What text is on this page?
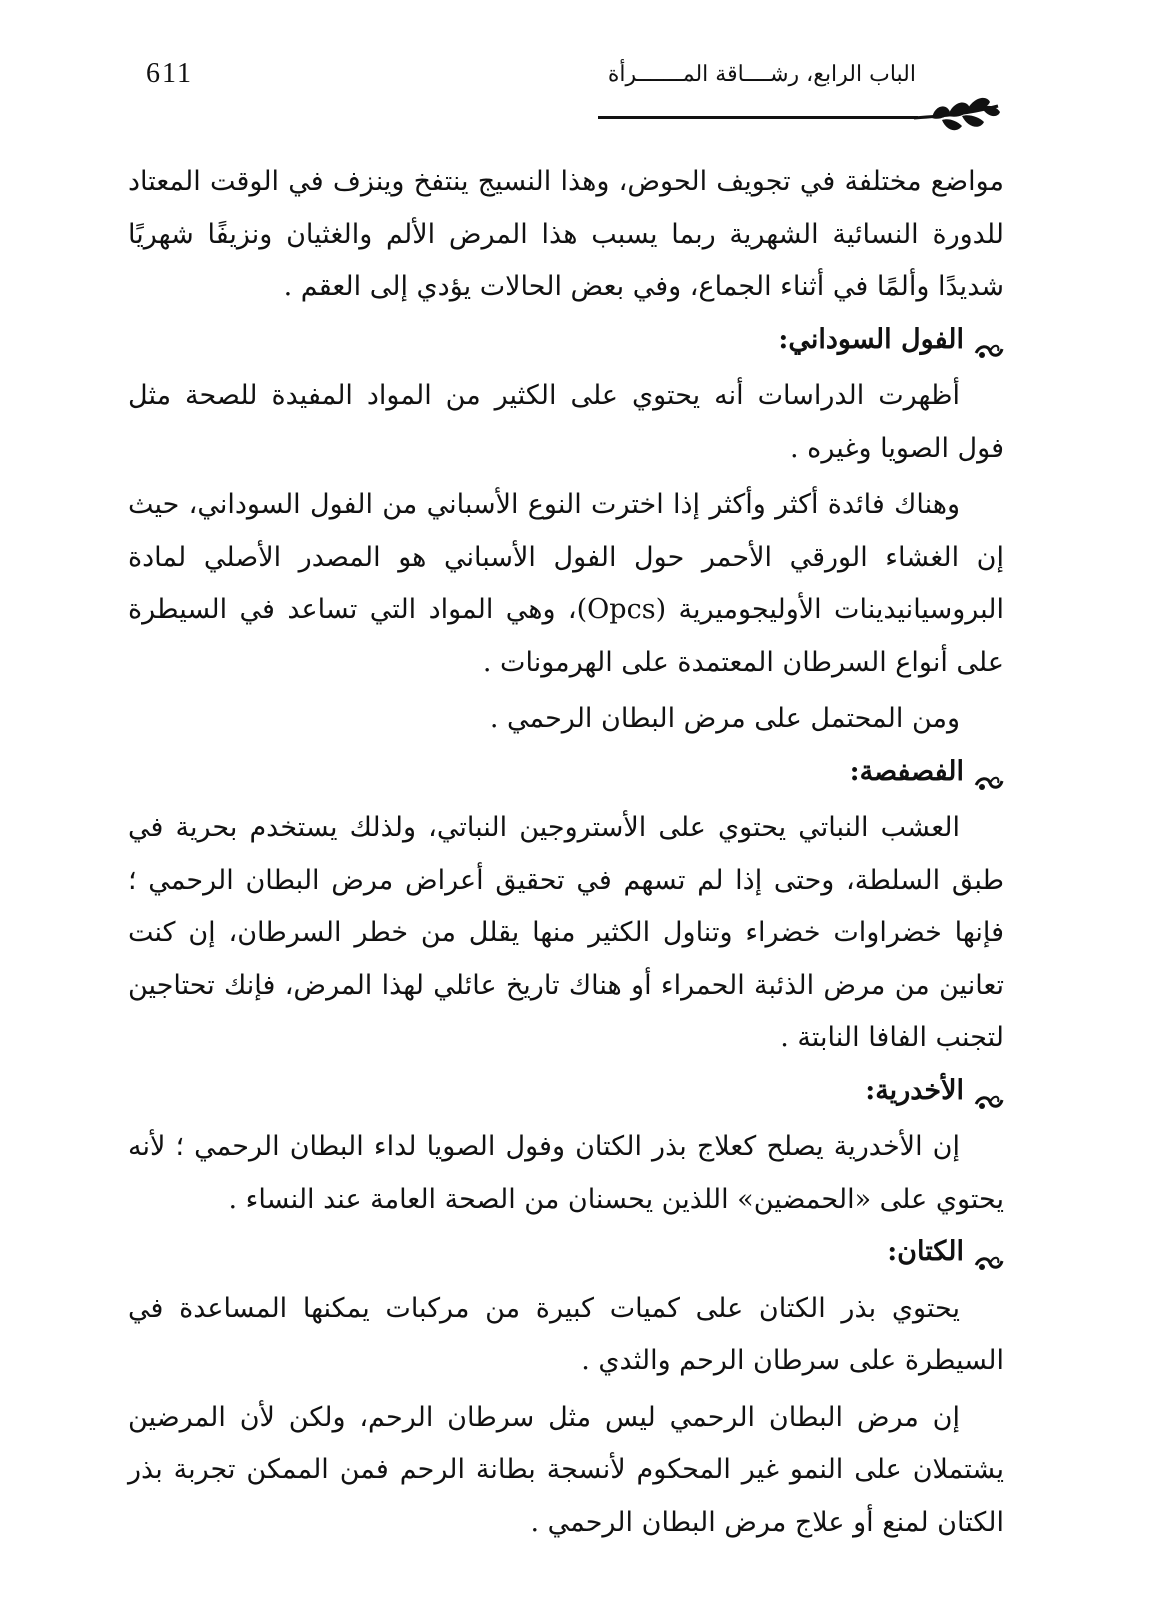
611	الباب الرابع، رشــــاقة المـــــــرأة

مواضع مختلفة في تجويف الحوض، وهذا النسيج ينتفخ وينزف في الوقت المعتاد للدورة النسائية الشهرية ربما يسبب هذا المرض الألم والغثيان ونزيفًا شهريًا شديدًا وألمًا في أثناء الجماع، وفي بعض الحالات يؤدي إلى العقم .

الفول السوداني:

أظهرت الدراسات أنه يحتوي على الكثير من المواد المفيدة للصحة مثل فول الصويا وغيره .

وهناك فائدة أكثر وأكثر إذا اخترت النوع الأسباني من الفول السوداني، حيث إن الغشاء الورقي الأحمر حول الفول الأسباني هو المصدر الأصلي لمادة البروسيانيدينات الأوليجوميرية (Opcs)، وهي المواد التي تساعد في السيطرة على أنواع السرطان المعتمدة على الهرمونات .

ومن المحتمل على مرض البطان الرحمي .

الفصفصة:

العشب النباتي يحتوي على الأستروجين النباتي، ولذلك يستخدم بحرية في طبق السلطة، وحتى إذا لم تسهم في تحقيق أعراض مرض البطان الرحمي ؛ فإنها خضراوات خضراء وتناول الكثير منها يقلل من خطر السرطان، إن كنت تعانين من مرض الذئبة الحمراء أو هناك تاريخ عائلي لهذا المرض، فإنك تحتاجين لتجنب الفافا النابتة .

الأخدرية:

إن الأخدرية يصلح كعلاج بذر الكتان وفول الصويا لداء البطان الرحمي ؛ لأنه يحتوي على «الحمضين» اللذين يحسنان من الصحة العامة عند النساء .

الكتان:

يحتوي بذر الكتان على كميات كبيرة من مركبات يمكنها المساعدة في السيطرة على سرطان الرحم والثدي .

إن مرض البطان الرحمي ليس مثل سرطان الرحم، ولكن لأن المرضين يشتملان على النمو غير المحكوم لأنسجة بطانة الرحم فمن الممكن تجربة بذر الكتان لمنع أو علاج مرض البطان الرحمي .
